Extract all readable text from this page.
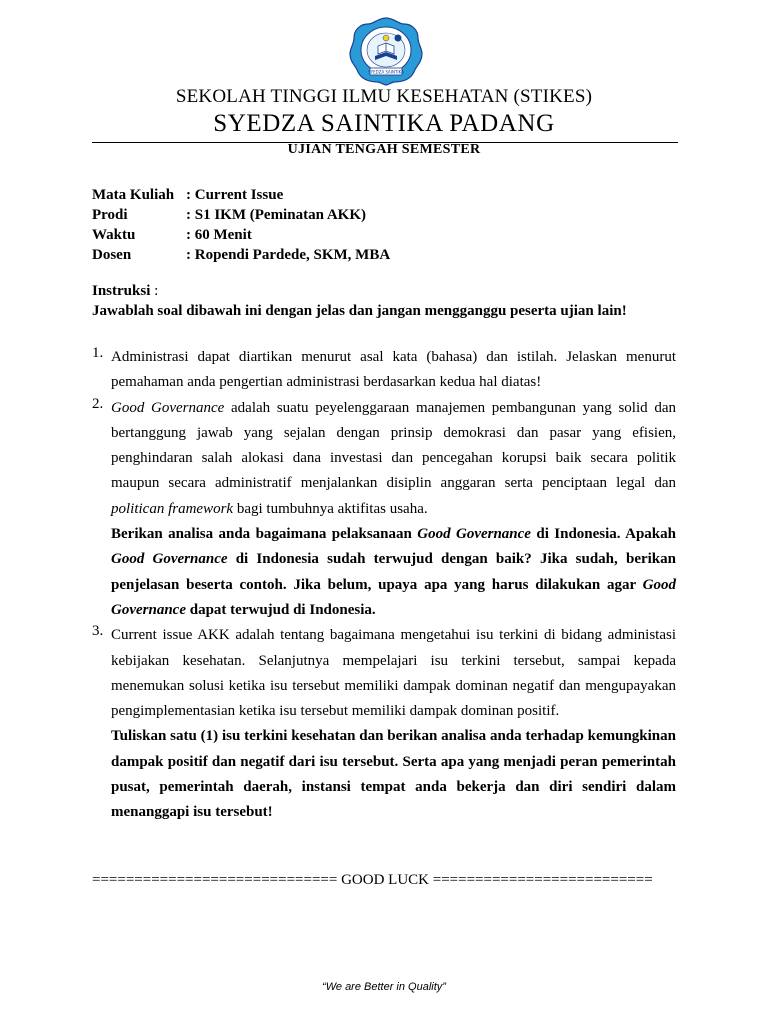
SYEDZA SAINTIKA
SEKOLAH TINGGI ILMU KESEHATAN (STIKES)
SYEDZA SAINTIKA PADANG
UJIAN TENGAH SEMESTER
Mata Kuliah : Current Issue
Prodi	: S1 IKM (Peminatan AKK)
Waktu	: 60 Menit
Dosen	: Ropendi Pardede, SKM, MBA
Instruksi :
Jawablah soal dibawah ini dengan jelas dan jangan mengganggu peserta ujian lain!
1. Administrasi dapat diartikan menurut asal kata (bahasa) dan istilah. Jelaskan menurut pemahaman anda pengertian administrasi berdasarkan kedua hal diatas!

2. Good Governance adalah suatu peyelenggaraan manajemen pembangunan yang solid dan bertanggung jawab yang sejalan dengan prinsip demokrasi dan pasar yang efisien, penghindaran salah alokasi dana investasi dan pencegahan korupsi baik secara politik maupun secara administratif menjalankan disiplin anggaran serta penciptaan legal dan politican framework bagi tumbuhnya aktifitas usaha.

Berikan analisa anda bagaimana pelaksanaan Good Governance di Indonesia. Apakah Good Governance di Indonesia sudah terwujud dengan baik? Jika sudah, berikan penjelasan beserta contoh. Jika belum, upaya apa yang harus dilakukan agar Good Governance dapat terwujud di Indonesia.

3. Current issue AKK adalah tentang bagaimana mengetahui isu terkini di bidang administasi kebijakan kesehatan. Selanjutnya mempelajari isu terkini tersebut, sampai kepada menemukan solusi ketika isu tersebut memiliki dampak dominan negatif dan mengupayakan pengimplementasian ketika isu tersebut memiliki dampak dominan positif.

Tuliskan satu (1) isu terkini kesehatan dan berikan analisa anda terhadap kemungkinan dampak positif dan negatif dari isu tersebut. Serta apa yang menjadi peran pemerintah pusat, pemerintah daerah, instansi tempat anda bekerja dan diri sendiri dalam menanggapi isu tersebut!

============================= GOOD LUCK ==========================
“We are Better in Quality”
